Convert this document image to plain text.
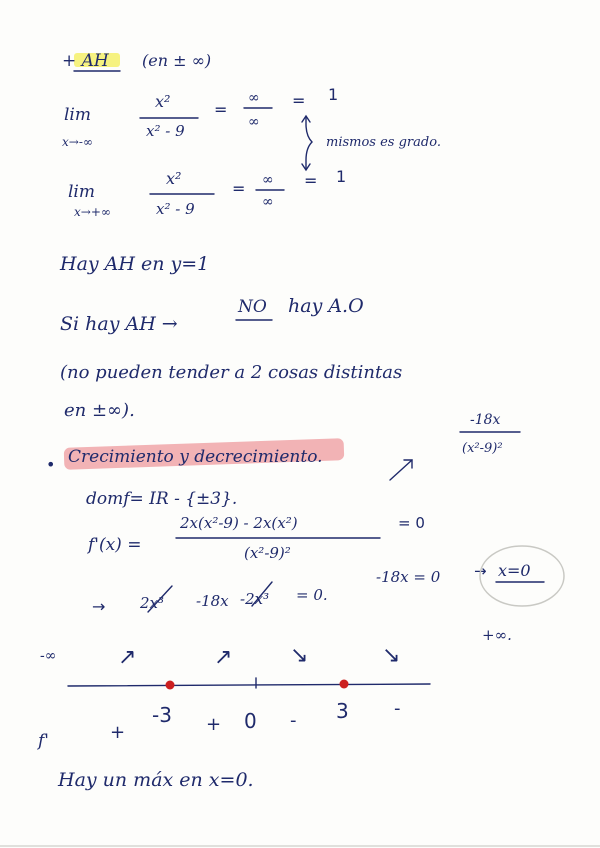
+ AH (en ± ∞)
lim
x→-∞
x²
x² - 9
=
∞
∞
= 1
mismos es grado.
lim
x→+∞
x²
x² - 9
= ∞
∞
= 1
Hay AH en y=1
Si hay AH →
NO hay A.O
(no pueden tender a 2 cosas distintas
en ±∞).
• Crecimiento y decrecimiento.
-18x
(x²-9)²
domf= IR - {±3}.
f'(x) =
2x(x²-9) - 2x(x²)
(x²-9)²
= 0
→ 2x³ -18x -2x³ = 0.
-18x = 0 → x=0
-∞
+∞.
↗	↗	↘	↘
-3 + 0 - 3	-
f'	+
Hay un máx en x=0.
